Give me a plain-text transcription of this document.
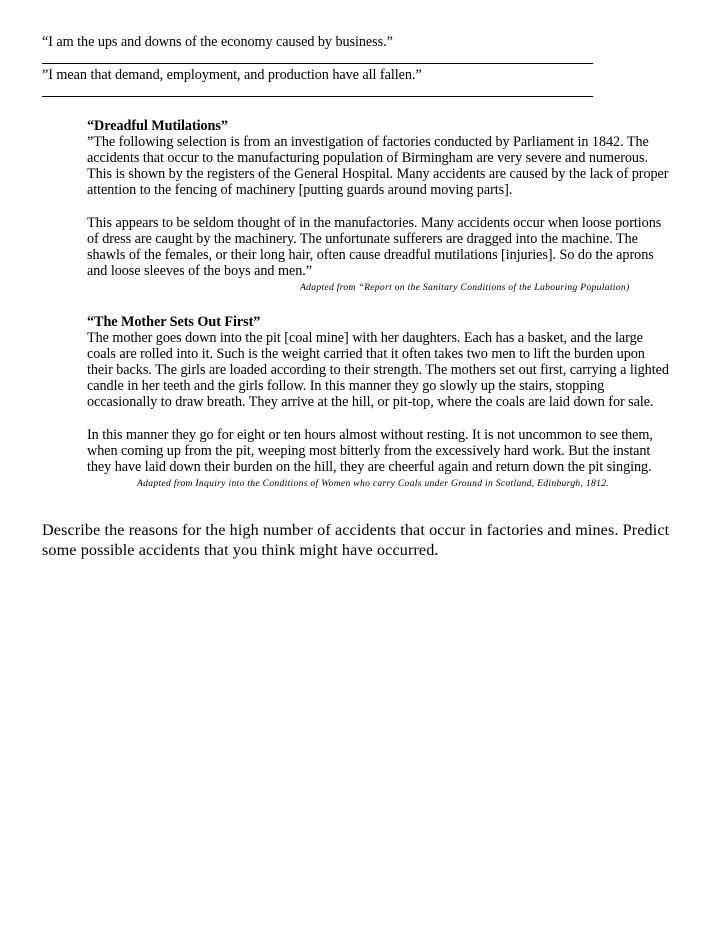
“I am the ups and downs of the economy caused by business.”
”I mean that demand, employment, and production have all fallen.”
“Dreadful Mutilations”
”The following selection is from an investigation of factories conducted by Parliament in 1842. The
accidents that occur to the manufacturing population of Birmingham are very severe and numerous.
This is shown by the registers of the General Hospital. Many accidents are caused by the lack of proper
attention to the fencing of machinery [putting guards around moving parts].
This appears to be seldom thought of in the manufactories. Many accidents occur when loose portions
of dress are caught by the machinery. The unfortunate sufferers are dragged into the machine. The
shawls of the females, or their long hair, often cause dreadful mutilations [injuries]. So do the aprons
and loose sleeves of the boys and men.”
Adapted from “Report on the Sanitary Conditions of the Labouring Population)
“The Mother Sets Out First”
The mother goes down into the pit [coal mine] with her daughters. Each has a basket, and the large
coals are rolled into it. Such is the weight carried that it often takes two men to lift the burden upon
their backs. The girls are loaded according to their strength. The mothers set out first, carrying a lighted
candle in her teeth and the girls follow. In this manner they go slowly up the stairs, stopping
occasionally to draw breath. They arrive at the hill, or pit-top, where the coals are laid down for sale.
In this manner they go for eight or ten hours almost without resting. It is not uncommon to see them,
when coming up from the pit, weeping most bitterly from the excessively hard work. But the instant
they have laid down their burden on the hill, they are cheerful again and return down the pit singing.
Adapted from Inquiry into the Conditions of Women who carry Coals under Ground in Scotland, Edinburgh, 1812.
Describe the reasons for the high number of accidents that occur in factories and mines. Predict
some possible accidents that you think might have occurred.
